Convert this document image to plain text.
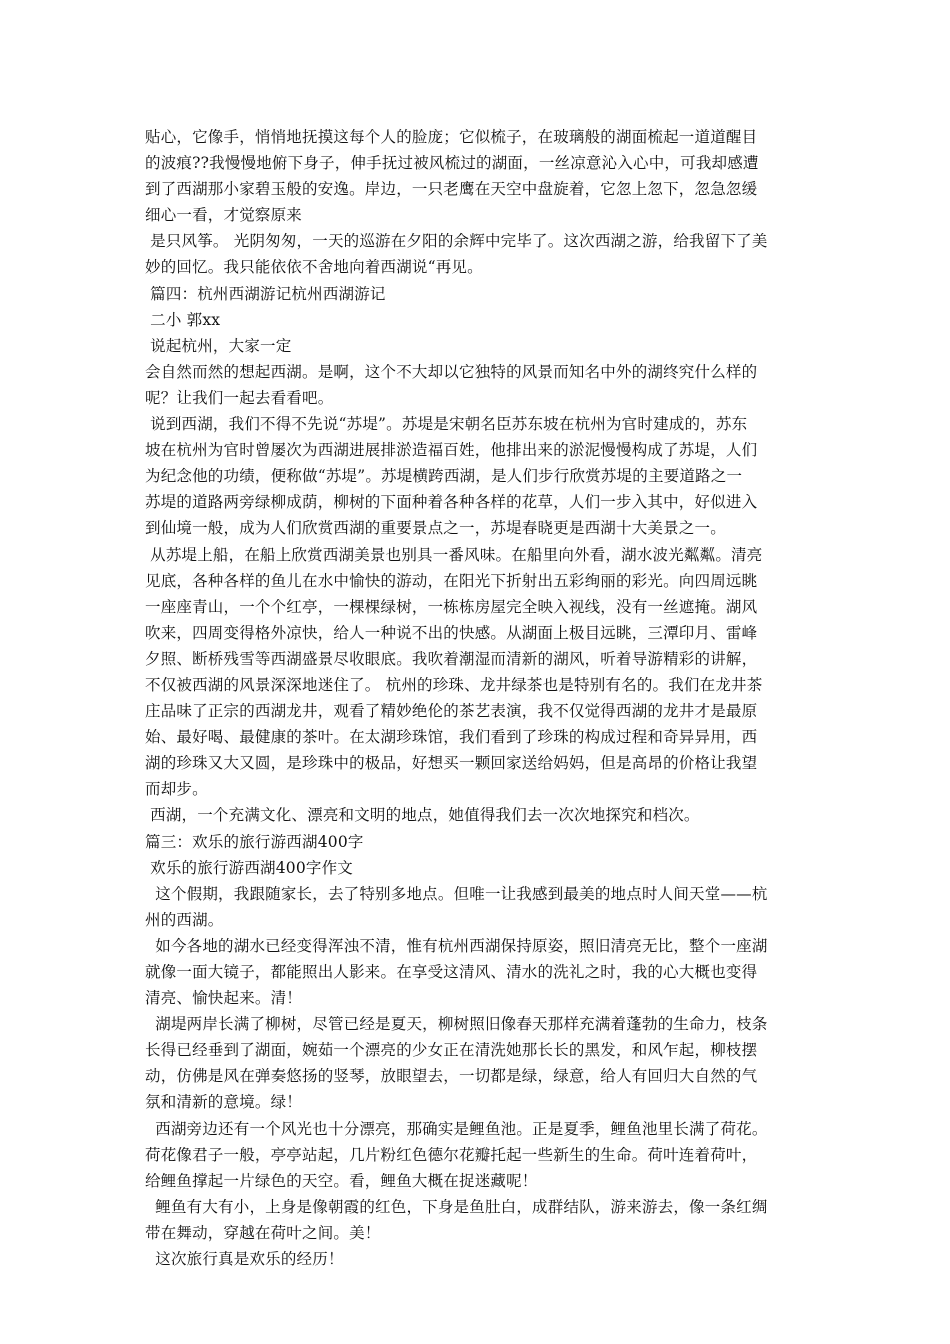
贴心，它像手，悄悄地抚摸这每个人的脸庞；它似梳子，在玻璃般的湖面梳起一道道醒目
的波痕??我慢慢地俯下身子，伸手抚过被风梳过的湖面，一丝凉意沁入心中，可我却感遭
到了西湖那小家碧玉般的安逸。岸边，一只老鹰在天空中盘旋着，它忽上忽下，忽急忽缓
细心一看，才觉察原来
是只风筝。 光阴匆匆，一天的巡游在夕阳的余辉中完毕了。这次西湖之游，给我留下了美
妙的回忆。我只能依依不舍地向着西湖说“再见。
篇四：杭州西湖游记杭州西湖游记
二小 郭xx
说起杭州，大家一定
会自然而然的想起西湖。是啊，这个不大却以它独特的风景而知名中外的湖终究什么样的
呢？让我们一起去看看吧。
说到西湖，我们不得不先说“苏堤”。苏堤是宋朝名臣苏东坡在杭州为官时建成的，苏东
坡在杭州为官时曾屡次为西湖进展排淤造福百姓，他排出来的淤泥慢慢构成了苏堤，人们
为纪念他的功绩，便称做“苏堤”。苏堤横跨西湖，是人们步行欣赏苏堤的主要道路之一
苏堤的道路两旁绿柳成荫，柳树的下面种着各种各样的花草，人们一步入其中，好似进入
到仙境一般，成为人们欣赏西湖的重要景点之一，苏堤春晓更是西湖十大美景之一。
从苏堤上船，在船上欣赏西湖美景也别具一番风味。在船里向外看，湖水波光粼粼。清亮
见底，各种各样的鱼儿在水中愉快的游动，在阳光下折射出五彩绚丽的彩光。向四周远眺
一座座青山，一个个红亭，一棵棵绿树，一栋栋房屋完全映入视线，没有一丝遮掩。湖风
吹来，四周变得格外凉快，给人一种说不出的快感。从湖面上极目远眺，三潭印月、雷峰
夕照、断桥残雪等西湖盛景尽收眼底。我吹着潮湿而清新的湖风，听着导游精彩的讲解，
不仅被西湖的风景深深地迷住了。 杭州的珍珠、龙井绿茶也是特别有名的。我们在龙井茶
庄品味了正宗的西湖龙井，观看了精妙绝伦的茶艺表演，我不仅觉得西湖的龙井才是最原
始、最好喝、最健康的茶叶。在太湖珍珠馆，我们看到了珍珠的构成过程和奇异异用，西
湖的珍珠又大又圆，是珍珠中的极品，好想买一颗回家送给妈妈，但是高昂的价格让我望
而却步。
西湖，一个充满文化、漂亮和文明的地点，她值得我们去一次次地探究和档次。
篇三：欢乐的旅行游西湖400字
欢乐的旅行游西湖400字作文
这个假期，我跟随家长，去了特别多地点。但唯一让我感到最美的地点时人间天堂——杭
州的西湖。
如今各地的湖水已经变得浑浊不清，惟有杭州西湖保持原姿，照旧清亮无比，整个一座湖
就像一面大镜子，都能照出人影来。在享受这清风、清水的洗礼之时，我的心大概也变得
清亮、愉快起来。清！
湖堤两岸长满了柳树，尽管已经是夏天，柳树照旧像春天那样充满着蓬勃的生命力，枝条
长得已经垂到了湖面，婉茹一个漂亮的少女正在清洗她那长长的黑发，和风乍起，柳枝摆
动，仿佛是风在弹奏悠扬的竖琴，放眼望去，一切都是绿，绿意，给人有回归大自然的气
氛和清新的意境。绿！
西湖旁边还有一个风光也十分漂亮，那确实是鲤鱼池。正是夏季，鲤鱼池里长满了荷花。
荷花像君子一般，亭亭站起，几片粉红色德尔花瓣托起一些新生的生命。荷叶连着荷叶，
给鲤鱼撑起一片绿色的天空。看，鲤鱼大概在捉迷藏呢！
鲤鱼有大有小，上身是像朝霞的红色，下身是鱼肚白，成群结队，游来游去，像一条红绸
带在舞动，穿越在荷叶之间。美！
这次旅行真是欢乐的经历！
